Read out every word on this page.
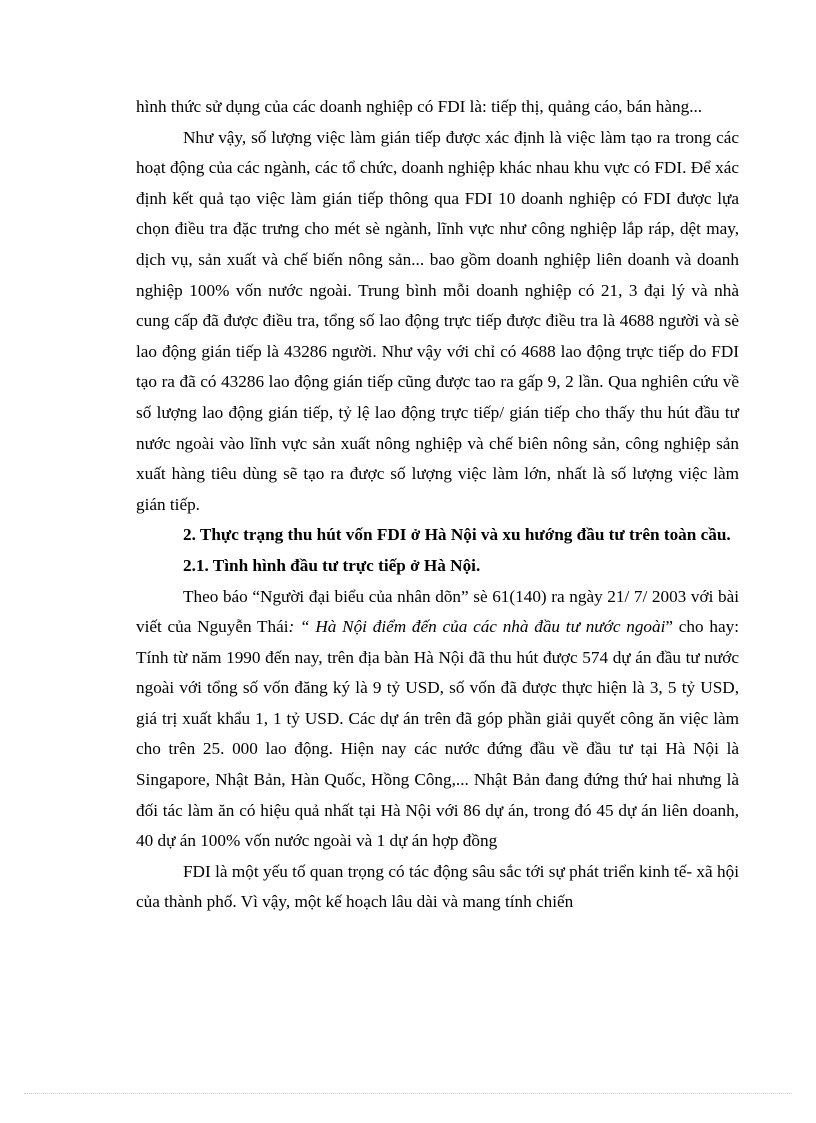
hình thức sử dụng của các doanh nghiệp có FDI là: tiếp thị, quảng cáo, bán hàng...

Như vậy, số lượng việc làm gián tiếp được xác định là việc làm tạo ra trong các hoạt động của các ngành, các tổ chức, doanh nghiệp khác nhau khu vực có FDI. Để xác định kết quả tạo việc làm gián tiếp thông qua FDI 10 doanh nghiệp có FDI được lựa chọn điều tra đặc trưng cho mét sè ngành, lĩnh vực như công nghiệp lắp ráp, dệt may, dịch vụ, sản xuất và chế biến nông sản... bao gồm doanh nghiệp liên doanh và doanh nghiệp 100% vốn nước ngoài. Trung bình mỗi doanh nghiệp có 21, 3 đại lý và nhà cung cấp đã được điều tra, tổng số lao động trực tiếp được điều tra là 4688 người và sè lao động gián tiếp là 43286 người. Như vậy với chỉ có 4688 lao động trực tiếp do FDI tạo ra đã có 43286 lao động gián tiếp cũng được tao ra gấp 9, 2 lần. Qua nghiên cứu về số lượng lao động gián tiếp, tỷ lệ lao động trực tiếp/ gián tiếp cho thấy thu hút đầu tư nước ngoài vào lĩnh vực sản xuất nông nghiệp và chế biên nông sản, công nghiệp sản xuất hàng tiêu dùng sẽ tạo ra được số lượng việc làm lớn, nhất là số lượng việc làm gián tiếp.

2. Thực trạng thu hút vốn FDI ở Hà Nội và xu hướng đầu tư trên toàn cầu.

2.1. Tình hình đầu tư trực tiếp ở Hà Nội.

Theo báo “Người đại biểu của nhân dõn” sè 61(140) ra ngày 21/ 7/ 2003 với bài viết của Nguyễn Thái: “ Hà Nội điểm đến của các nhà đầu tư nước ngoài” cho hay: Tính từ năm 1990 đến nay, trên địa bàn Hà Nội đã thu hút được 574 dự án đầu tư nước ngoài với tổng số vốn đăng ký là 9 tỷ USD, số vốn đã được thực hiện là 3, 5 tỷ USD, giá trị xuất khẩu 1, 1 tỷ USD. Các dự án trên đã góp phần giải quyết công ăn việc làm cho trên 25. 000 lao động. Hiện nay các nước đứng đầu về đầu tư tại Hà Nội là Singapore, Nhật Bản, Hàn Quốc, Hồng Công,... Nhật Bản đang đứng thứ hai nhưng là đối tác làm ăn có hiệu quả nhất tại Hà Nội với 86 dự án, trong đó 45 dự án liên doanh, 40 dự án 100% vốn nước ngoài và 1 dự án hợp đồng

FDI là một yếu tố quan trọng có tác động sâu sắc tới sự phát triển kinh tế- xã hội của thành phố. Vì vậy, một kế hoạch lâu dài và mang tính chiến
